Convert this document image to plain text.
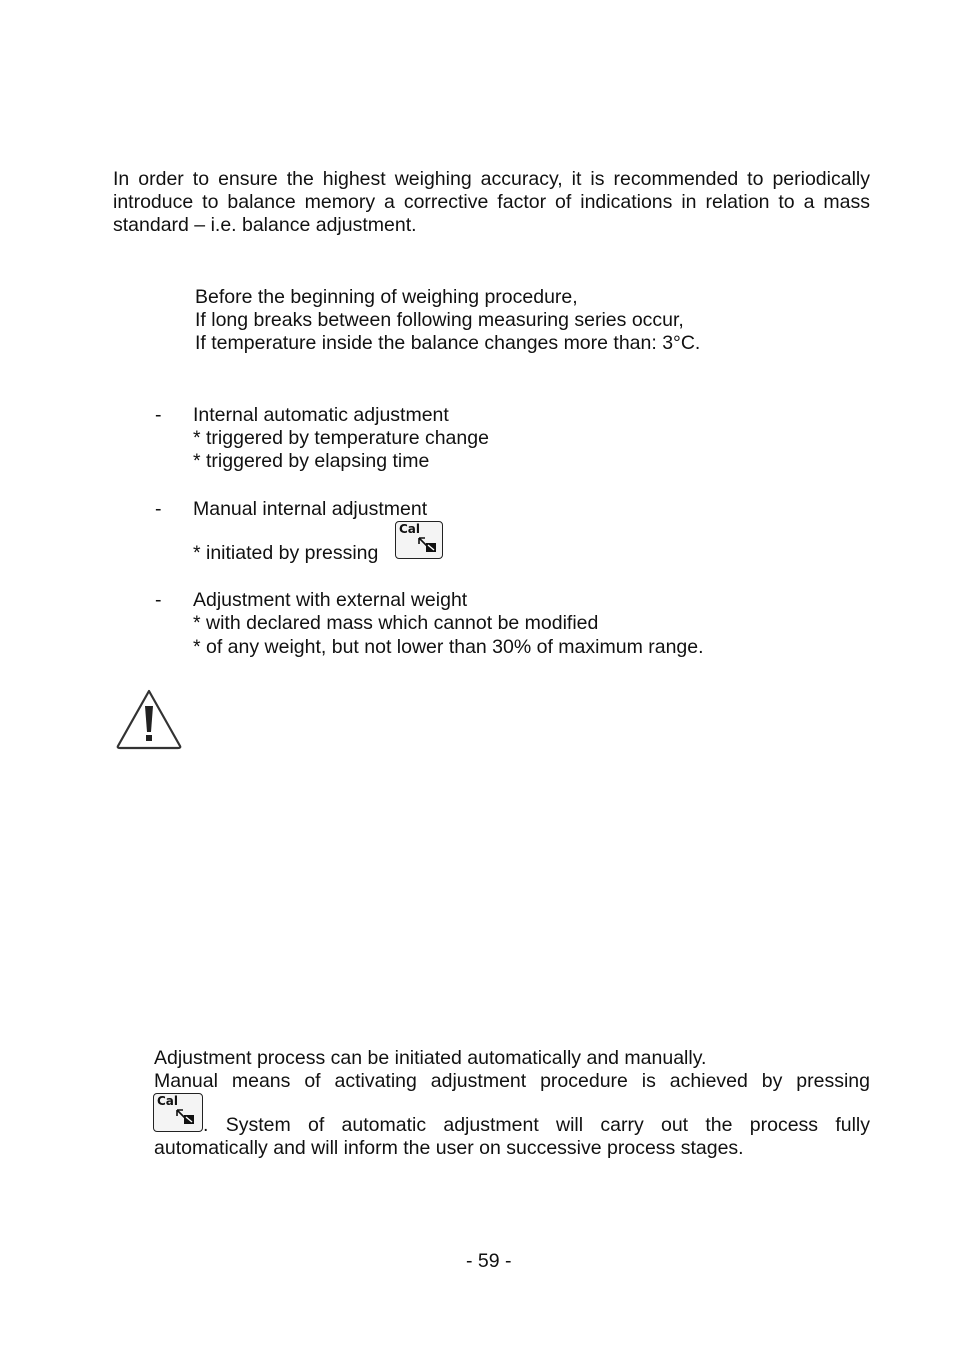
In order to ensure the highest weighing accuracy, it is recommended to periodically
introduce to balance memory a corrective factor of indications in relation to a mass
standard – i.e. balance adjustment.
Before the beginning of weighing procedure,
If long breaks between following measuring series occur,
If temperature inside the balance changes more than: 3°C.
- Internal automatic adjustment
* triggered by temperature change
* triggered by elapsing time
- Manual internal adjustment
* initiated by pressing
Cal
- Adjustment with external weight
* with declared mass which cannot be modified
* of any weight, but not lower than 30% of maximum range.
Adjustment process can be initiated automatically and manually.
Manual means of activating adjustment procedure is achieved by pressing
Cal
. System of automatic adjustment will carry out the process fully
automatically and will inform the user on successive process stages.
- 59 -
